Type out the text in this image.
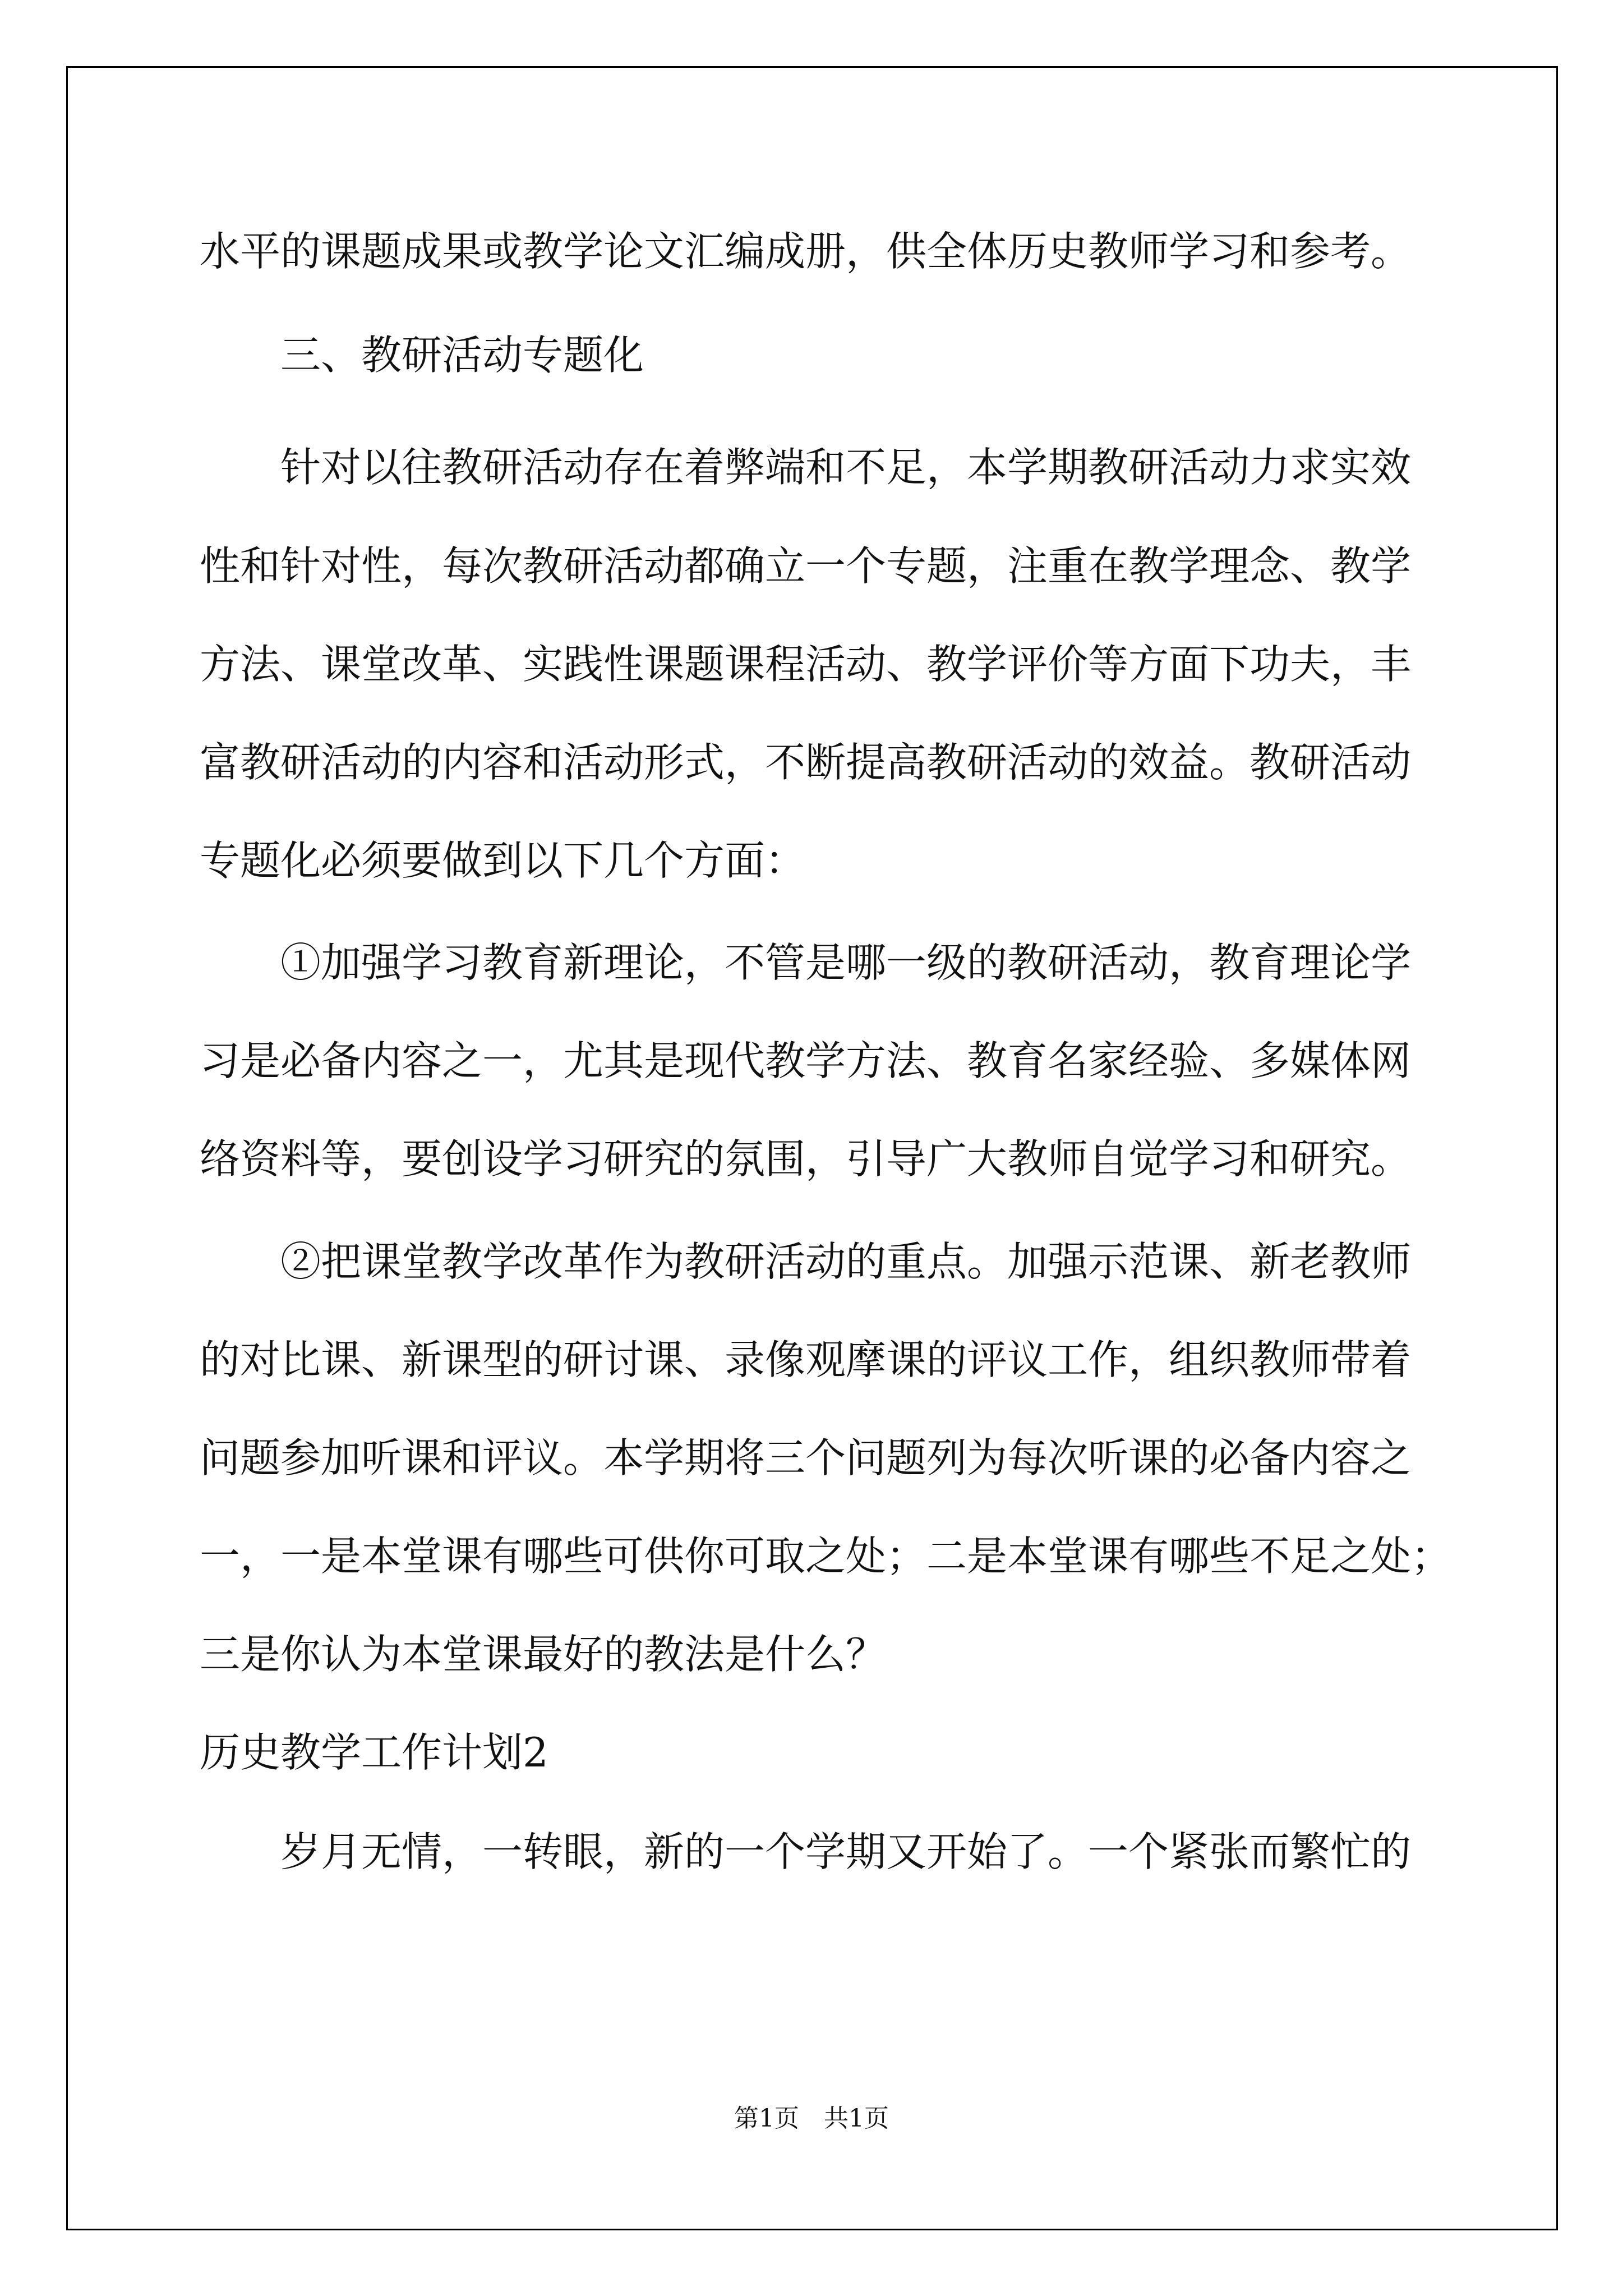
水平的课题成果或教学论文汇编成册，供全体历史教师学习和参考。
三、教研活动专题化
针对以往教研活动存在着弊端和不足，本学期教研活动力求实效
性和针对性，每次教研活动都确立一个专题，注重在教学理念、教学
方法、课堂改革、实践性课题课程活动、教学评价等方面下功夫，丰
富教研活动的内容和活动形式，不断提高教研活动的效益。教研活动
专题化必须要做到以下几个方面：
①加强学习教育新理论，不管是哪一级的教研活动，教育理论学
习是必备内容之一，尤其是现代教学方法、教育名家经验、多媒体网
络资料等，要创设学习研究的氛围，引导广大教师自觉学习和研究。
②把课堂教学改革作为教研活动的重点。加强示范课、新老教师
的对比课、新课型的研讨课、录像观摩课的评议工作，组织教师带着
问题参加听课和评议。本学期将三个问题列为每次听课的必备内容之
一，一是本堂课有哪些可供你可取之处；二是本堂课有哪些不足之处；
三是你认为本堂课最好的教法是什么？
历史教学工作计划2
岁月无情，一转眼，新的一个学期又开始了。一个紧张而繁忙的
第1页　共1页
